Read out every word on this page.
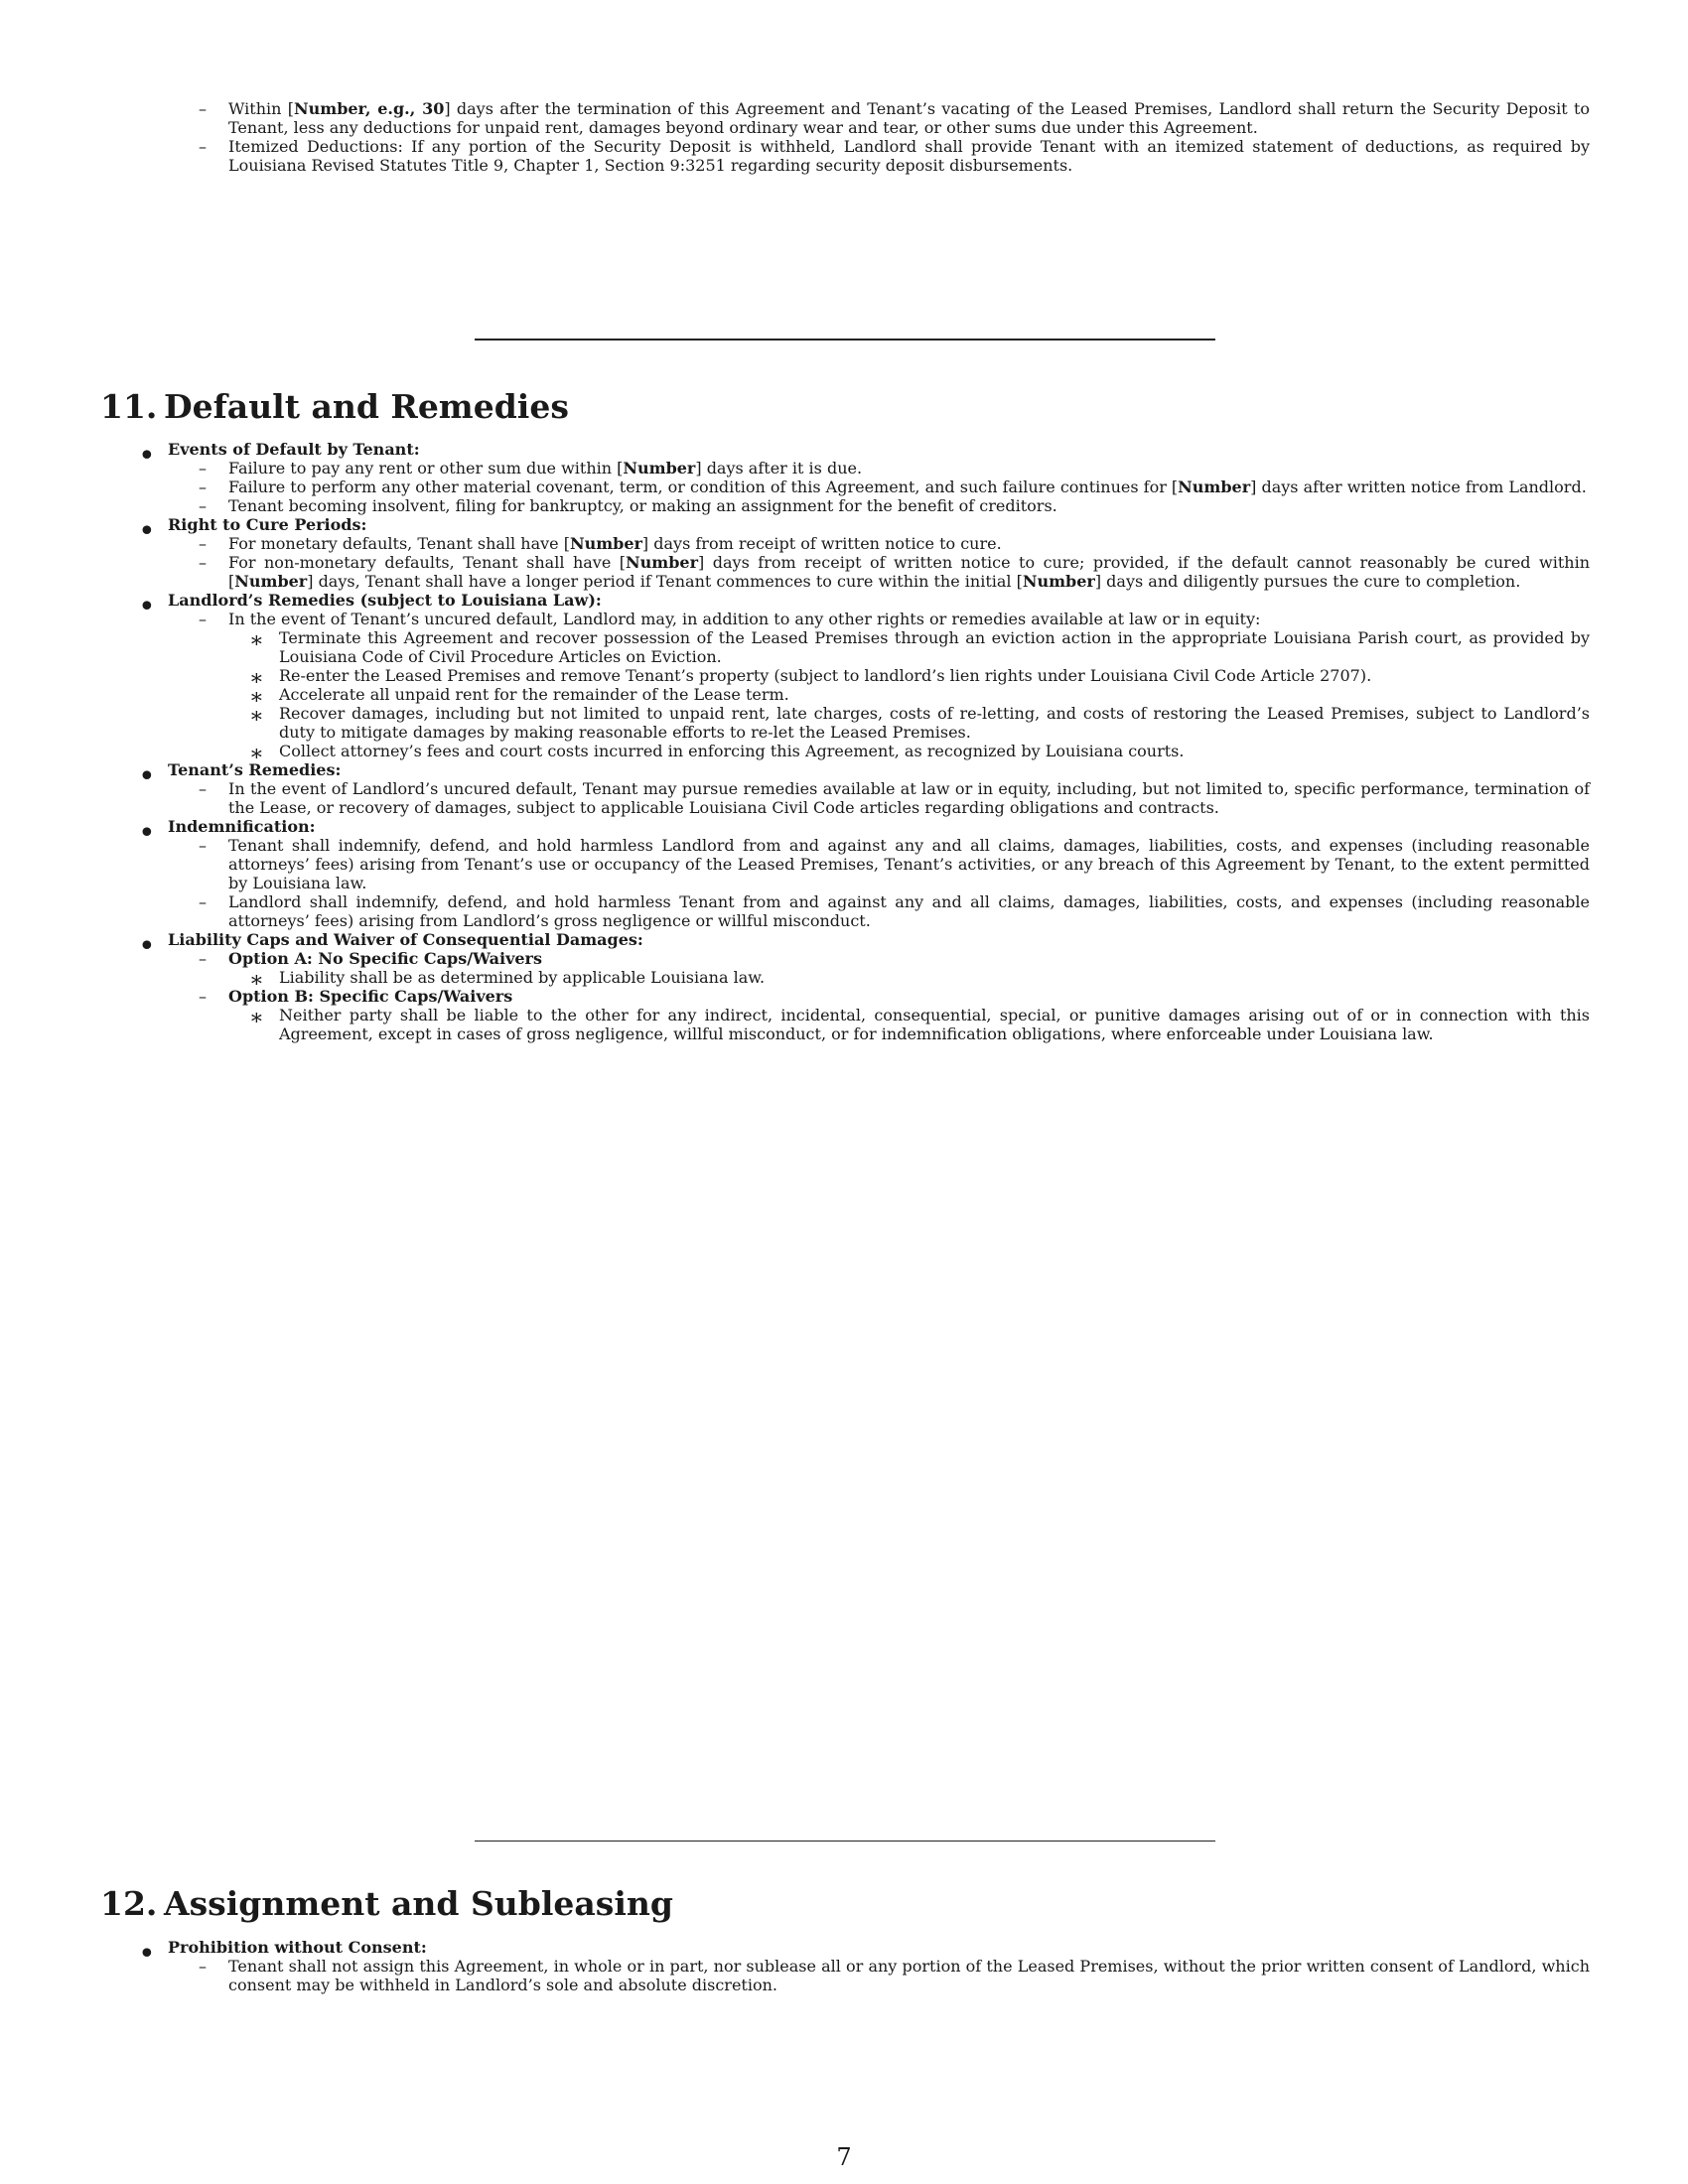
– Within [Number, e.g., 30] days after the termination of this Agreement and Tenant’s vacating of the Leased Premises, Landlord shall return the Security Deposit to Tenant, less any deductions for unpaid rent, damages beyond ordinary wear and tear, or other sums due under this Agreement.
– Itemized Deductions: If any portion of the Security Deposit is withheld, Landlord shall provide Tenant with an itemized statement of deductions, as required by Louisiana Revised Statutes Title 9, Chapter 1, Section 9:3251 regarding security deposit disbursements.
11. Default and Remedies
• Events of Default by Tenant:
– Failure to pay any rent or other sum due within [Number] days after it is due.
– Failure to perform any other material covenant, term, or condition of this Agreement, and such failure continues for [Number] days after written notice from Landlord.
– Tenant becoming insolvent, filing for bankruptcy, or making an assignment for the benefit of creditors.
• Right to Cure Periods:
– For monetary defaults, Tenant shall have [Number] days from receipt of written notice to cure.
– For non-monetary defaults, Tenant shall have [Number] days from receipt of written notice to cure; provided, if the default cannot reasonably be cured within [Number] days, Tenant shall have a longer period if Tenant commences to cure within the initial [Number] days and diligently pursues the cure to completion.
• Landlord’s Remedies (subject to Louisiana Law):
– In the event of Tenant’s uncured default, Landlord may, in addition to any other rights or remedies available at law or in equity:
∗ Terminate this Agreement and recover possession of the Leased Premises through an eviction action in the appropriate Louisiana Parish court, as provided by Louisiana Code of Civil Procedure Articles on Eviction.
∗ Re-enter the Leased Premises and remove Tenant’s property (subject to landlord’s lien rights under Louisiana Civil Code Article 2707).
∗ Accelerate all unpaid rent for the remainder of the Lease term.
∗ Recover damages, including but not limited to unpaid rent, late charges, costs of re-letting, and costs of restoring the Leased Premises, subject to Landlord’s duty to mitigate damages by making reasonable efforts to re-let the Leased Premises.
∗ Collect attorney’s fees and court costs incurred in enforcing this Agreement, as recognized by Louisiana courts.
• Tenant’s Remedies:
– In the event of Landlord’s uncured default, Tenant may pursue remedies available at law or in equity, including, but not limited to, specific performance, termination of the Lease, or recovery of damages, subject to applicable Louisiana Civil Code articles regarding obligations and contracts.
• Indemnification:
– Tenant shall indemnify, defend, and hold harmless Landlord from and against any and all claims, damages, liabilities, costs, and expenses (including reasonable attorneys’ fees) arising from Tenant’s use or occupancy of the Leased Premises, Tenant’s activities, or any breach of this Agreement by Tenant, to the extent permitted by Louisiana law.
– Landlord shall indemnify, defend, and hold harmless Tenant from and against any and all claims, damages, liabilities, costs, and expenses (including reasonable attorneys’ fees) arising from Landlord’s gross negligence or willful misconduct.
• Liability Caps and Waiver of Consequential Damages:
– Option A: No Specific Caps/Waivers
∗ Liability shall be as determined by applicable Louisiana law.
– Option B: Specific Caps/Waivers
∗ Neither party shall be liable to the other for any indirect, incidental, consequential, special, or punitive damages arising out of or in connection with this Agreement, except in cases of gross negligence, willful misconduct, or for indemnification obligations, where enforceable under Louisiana law.
12. Assignment and Subleasing
• Prohibition without Consent:
– Tenant shall not assign this Agreement, in whole or in part, nor sublease all or any portion of the Leased Premises, without the prior written consent of Landlord, which consent may be withheld in Landlord’s sole and absolute discretion.
7
